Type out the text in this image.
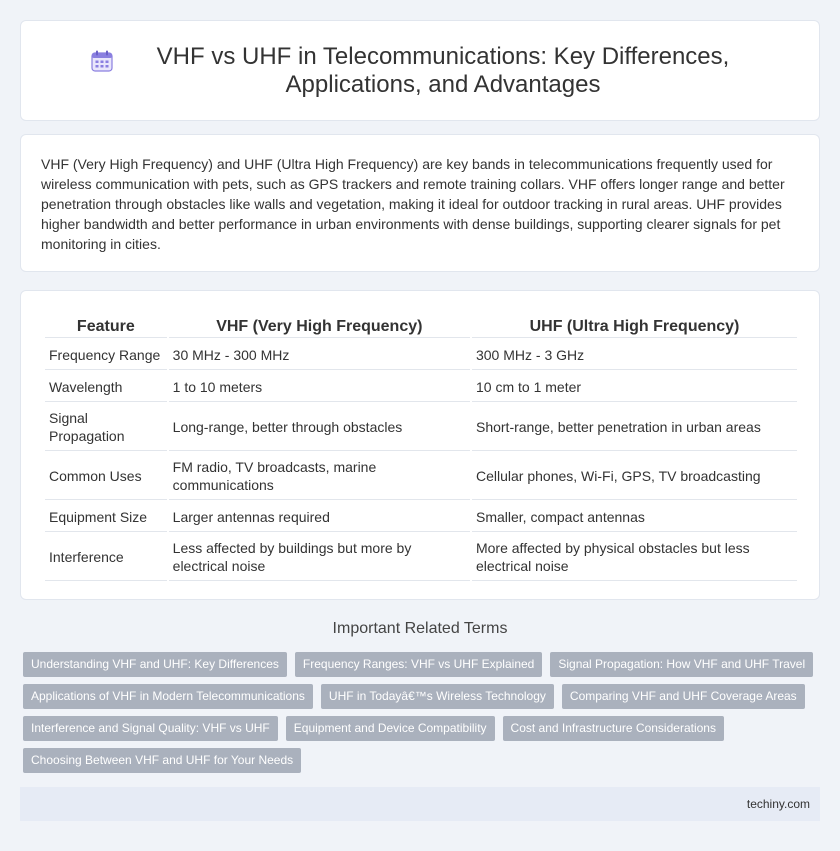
VHF vs UHF in Telecommunications: Key Differences, Applications, and Advantages

VHF (Very High Frequency) and UHF (Ultra High Frequency) are key bands in telecommunications frequently used for wireless communication with pets, such as GPS trackers and remote training collars. VHF offers longer range and better penetration through obstacles like walls and vegetation, making it ideal for outdoor tracking in rural areas. UHF provides higher bandwidth and better performance in urban environments with dense buildings, supporting clearer signals for pet monitoring in cities.

Feature	VHF (Very High Frequency)	UHF (Ultra High Frequency)
Frequency Range	30 MHz - 300 MHz	300 MHz - 3 GHz
Wavelength	1 to 10 meters	10 cm to 1 meter
Signal Propagation	Long-range, better through obstacles	Short-range, better penetration in urban areas
Common Uses	FM radio, TV broadcasts, marine communications	Cellular phones, Wi-Fi, GPS, TV broadcasting
Equipment Size	Larger antennas required	Smaller, compact antennas
Interference	Less affected by buildings but more by electrical noise	More affected by physical obstacles but less electrical noise
Important Related Terms
Understanding VHF and UHF: Key Differences	Frequency Ranges: VHF vs UHF Explained	Signal Propagation: How VHF and UHF Travel
Applications of VHF in Modern Telecommunications	UHF in Todayâ€™s Wireless Technology	Comparing VHF and UHF Coverage Areas
Interference and Signal Quality: VHF vs UHF	Equipment and Device Compatibility	Cost and Infrastructure Considerations
Choosing Between VHF and UHF for Your Needs
techiny.com
